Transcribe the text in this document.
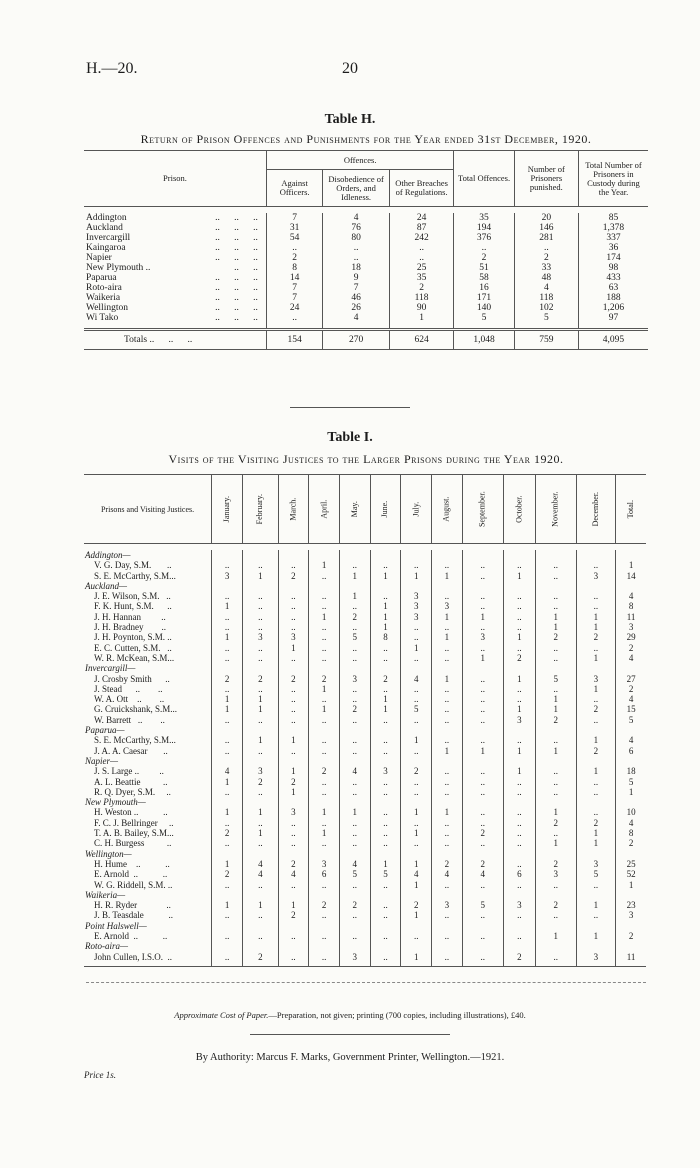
H.—20.	20
Table H.
Return of Prison Offences and Punishments for the Year ended 31st December, 1920.
Prison.	Offences.			Total Offences.	Number of Prisoners punished.	Total Number of Prisoners in Custody during the Year.
	Against Officers.	Disobedience of Orders, and Idleness.	Other Breaches of Regulations.			

Addington ..      ..      ..	7	4	24	35	20	85
Auckland ..      ..      ..	31	76	87	194	146	1,378
Invercargill ..      ..      ..	54	80	242	376	281	337
Kaingaroa ..      ..      ..	..	..	..	..	..	36
Napier ..      ..      ..	2	..	..	2	2	174
New Plymouth .. ..      ..	8	18	25	51	33	98
Paparua ..      ..      ..	14	9	35	58	48	433
Roto-aira ..      ..      ..	7	7	2	16	4	63
Waikeria ..      ..      ..	7	46	118	171	118	188
Wellington ..      ..      ..	24	26	90	140	102	1,206
Wi Tako ..      ..      ..	..	4	1	5	5	97

Totals ..      ..      ..	154	270	624	1,048	759	4,095
Table I.
Visits of the Visiting Justices to the Larger Prisons during the Year 1920.
Prisons and Visiting Justices.	January.	February.	March.	April.	May.	June.	July.	August.	September.	October.	November.	December.	Total.

Addington—													
V. G. Day, S.M.       ..	..	..	..	1	..	..	..	..	..	..	..	..	1
S. E. McCarthy, S.M...	3	1	2	..	1	1	1	1	..	1	..	3	14
Auckland—													
J. E. Wilson, S.M.   ..	..	..	..	..	1	..	3	..	..	..	..	..	4
F. K. Hunt, S.M.      ..	1	..	..	..	..	1	3	3	..	..	..	..	8
J. H. Hannan         ..	..	..	..	1	2	1	3	1	1	..	1	1	11
J. H. Bradney        ..	..	..	..	..	..	1	..	..	..	..	1	1	3
J. H. Poynton, S.M. ..	1	3	3	..	5	8	..	1	3	1	2	2	29
E. C. Cutten, S.M.   ..	..	..	1	..	..	..	1	..	..	..	..	..	2
W. R. McKean, S.M...	..	..	..	..	..	..	..	..	1	2	..	1	4
Invercargill—													
J. Crosby Smith      ..	2	2	2	2	3	2	4	1	..	1	5	3	27
J. Stead      ..        ..	..	..	..	1	..	..	..	..	..	..	..	1	2
W. A. Ott    ..        ..	1	1	..	..	..	1	..	..	..	..	1	..	4
G. Cruickshank, S.M...	1	1	..	1	2	1	5	..	..	1	1	2	15
W. Barrett   ..        ..	..	..	..	..	..	..	..	..	..	3	2	..	5
Paparua—													
S. E. McCarthy, S.M...	..	1	1	..	..	..	1	..	..	..	..	1	4
J. A. A. Caesar       ..	..	..	..	..	..	..	..	1	1	1	1	2	6
Napier—													
J. S. Large ..         ..	4	3	1	2	4	3	2	..	..	1	..	1	18
A. L. Beattie          ..	1	2	2	..	..	..	..	..	..	..	..	..	5
R. Q. Dyer, S.M.     ..	..	..	1	..	..	..	..	..	..	..	..	..	1
New Plymouth—													
H. Weston ..           ..	1	1	3	1	1	..	1	1	..	..	1	..	10
F. C. J. Bellringer     ..	..	..	..	..	..	..	..	..	..	..	2	2	4
T. A. B. Bailey, S.M...	2	1	..	1	..	..	1	..	2	..	..	1	8
C. H. Burgess          ..	..	..	..	..	..	..	..	..	..	..	1	1	2
Wellington—													
H. Hume    ..           ..	1	4	2	3	4	1	1	2	2	..	2	3	25
E. Arnold  ..           ..	2	4	4	6	5	5	4	4	4	6	3	5	52
W. G. Riddell, S.M. ..	..	..	..	..	..	..	1	..	..	..	..	..	1
Waikeria—													
H. R. Ryder             ..	1	1	1	2	2	..	2	3	5	3	2	1	23
J. B. Teasdale           ..	..	..	2	..	..	..	1	..	..	..	..	..	3
Point Halswell—													
E. Arnold  ..           ..	..	..	..	..	..	..	..	..	..	..	1	1	2
Roto-aira—													
John Cullen, I.S.O.  ..	..	2	..	..	3	..	1	..	..	2	..	3	11

Approximate Cost of Paper.—Preparation, not given; printing (700 copies, including illustrations), £40.
By Authority: Marcus F. Marks, Government Printer, Wellington.—1921.
Price 1s.
